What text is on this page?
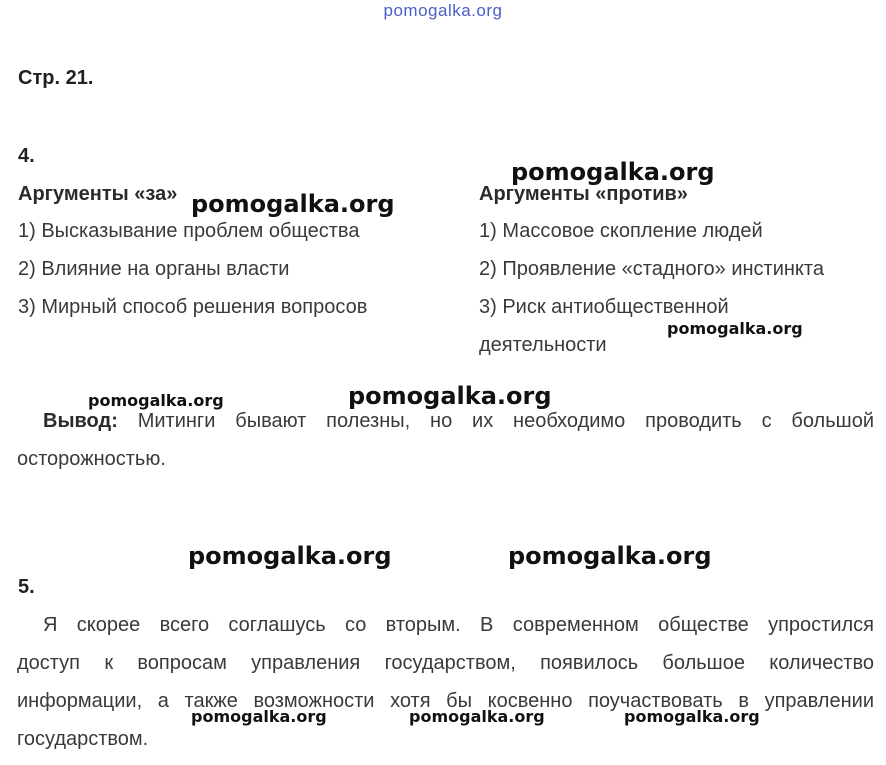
pomogalka.org
Стр. 21.
4.
Аргументы «за»
1) Высказывание проблем общества
2) Влияние на органы власти
3) Мирный способ решения вопросов
Аргументы «против»
1) Массовое скопление людей
2) Проявление «стадного» инстинкта
3) Риск антиобщественной
деятельности
Вывод: Митинги бывают полезны, но их необходимо проводить с большой
осторожностью.
5.
Я скорее всего соглашусь со вторым. В современном обществе упростился
доступ к вопросам управления государством, появилось большое количество
информации, а также возможности хотя бы косвенно поучаствовать в управлении
государством.
pomogalka.org
pomogalka.org
pomogalka.org
pomogalka.org	pomogalka.org
pomogalka.org	pomogalka.org
pomogalka.org	pomogalka.org	pomogalka.org
